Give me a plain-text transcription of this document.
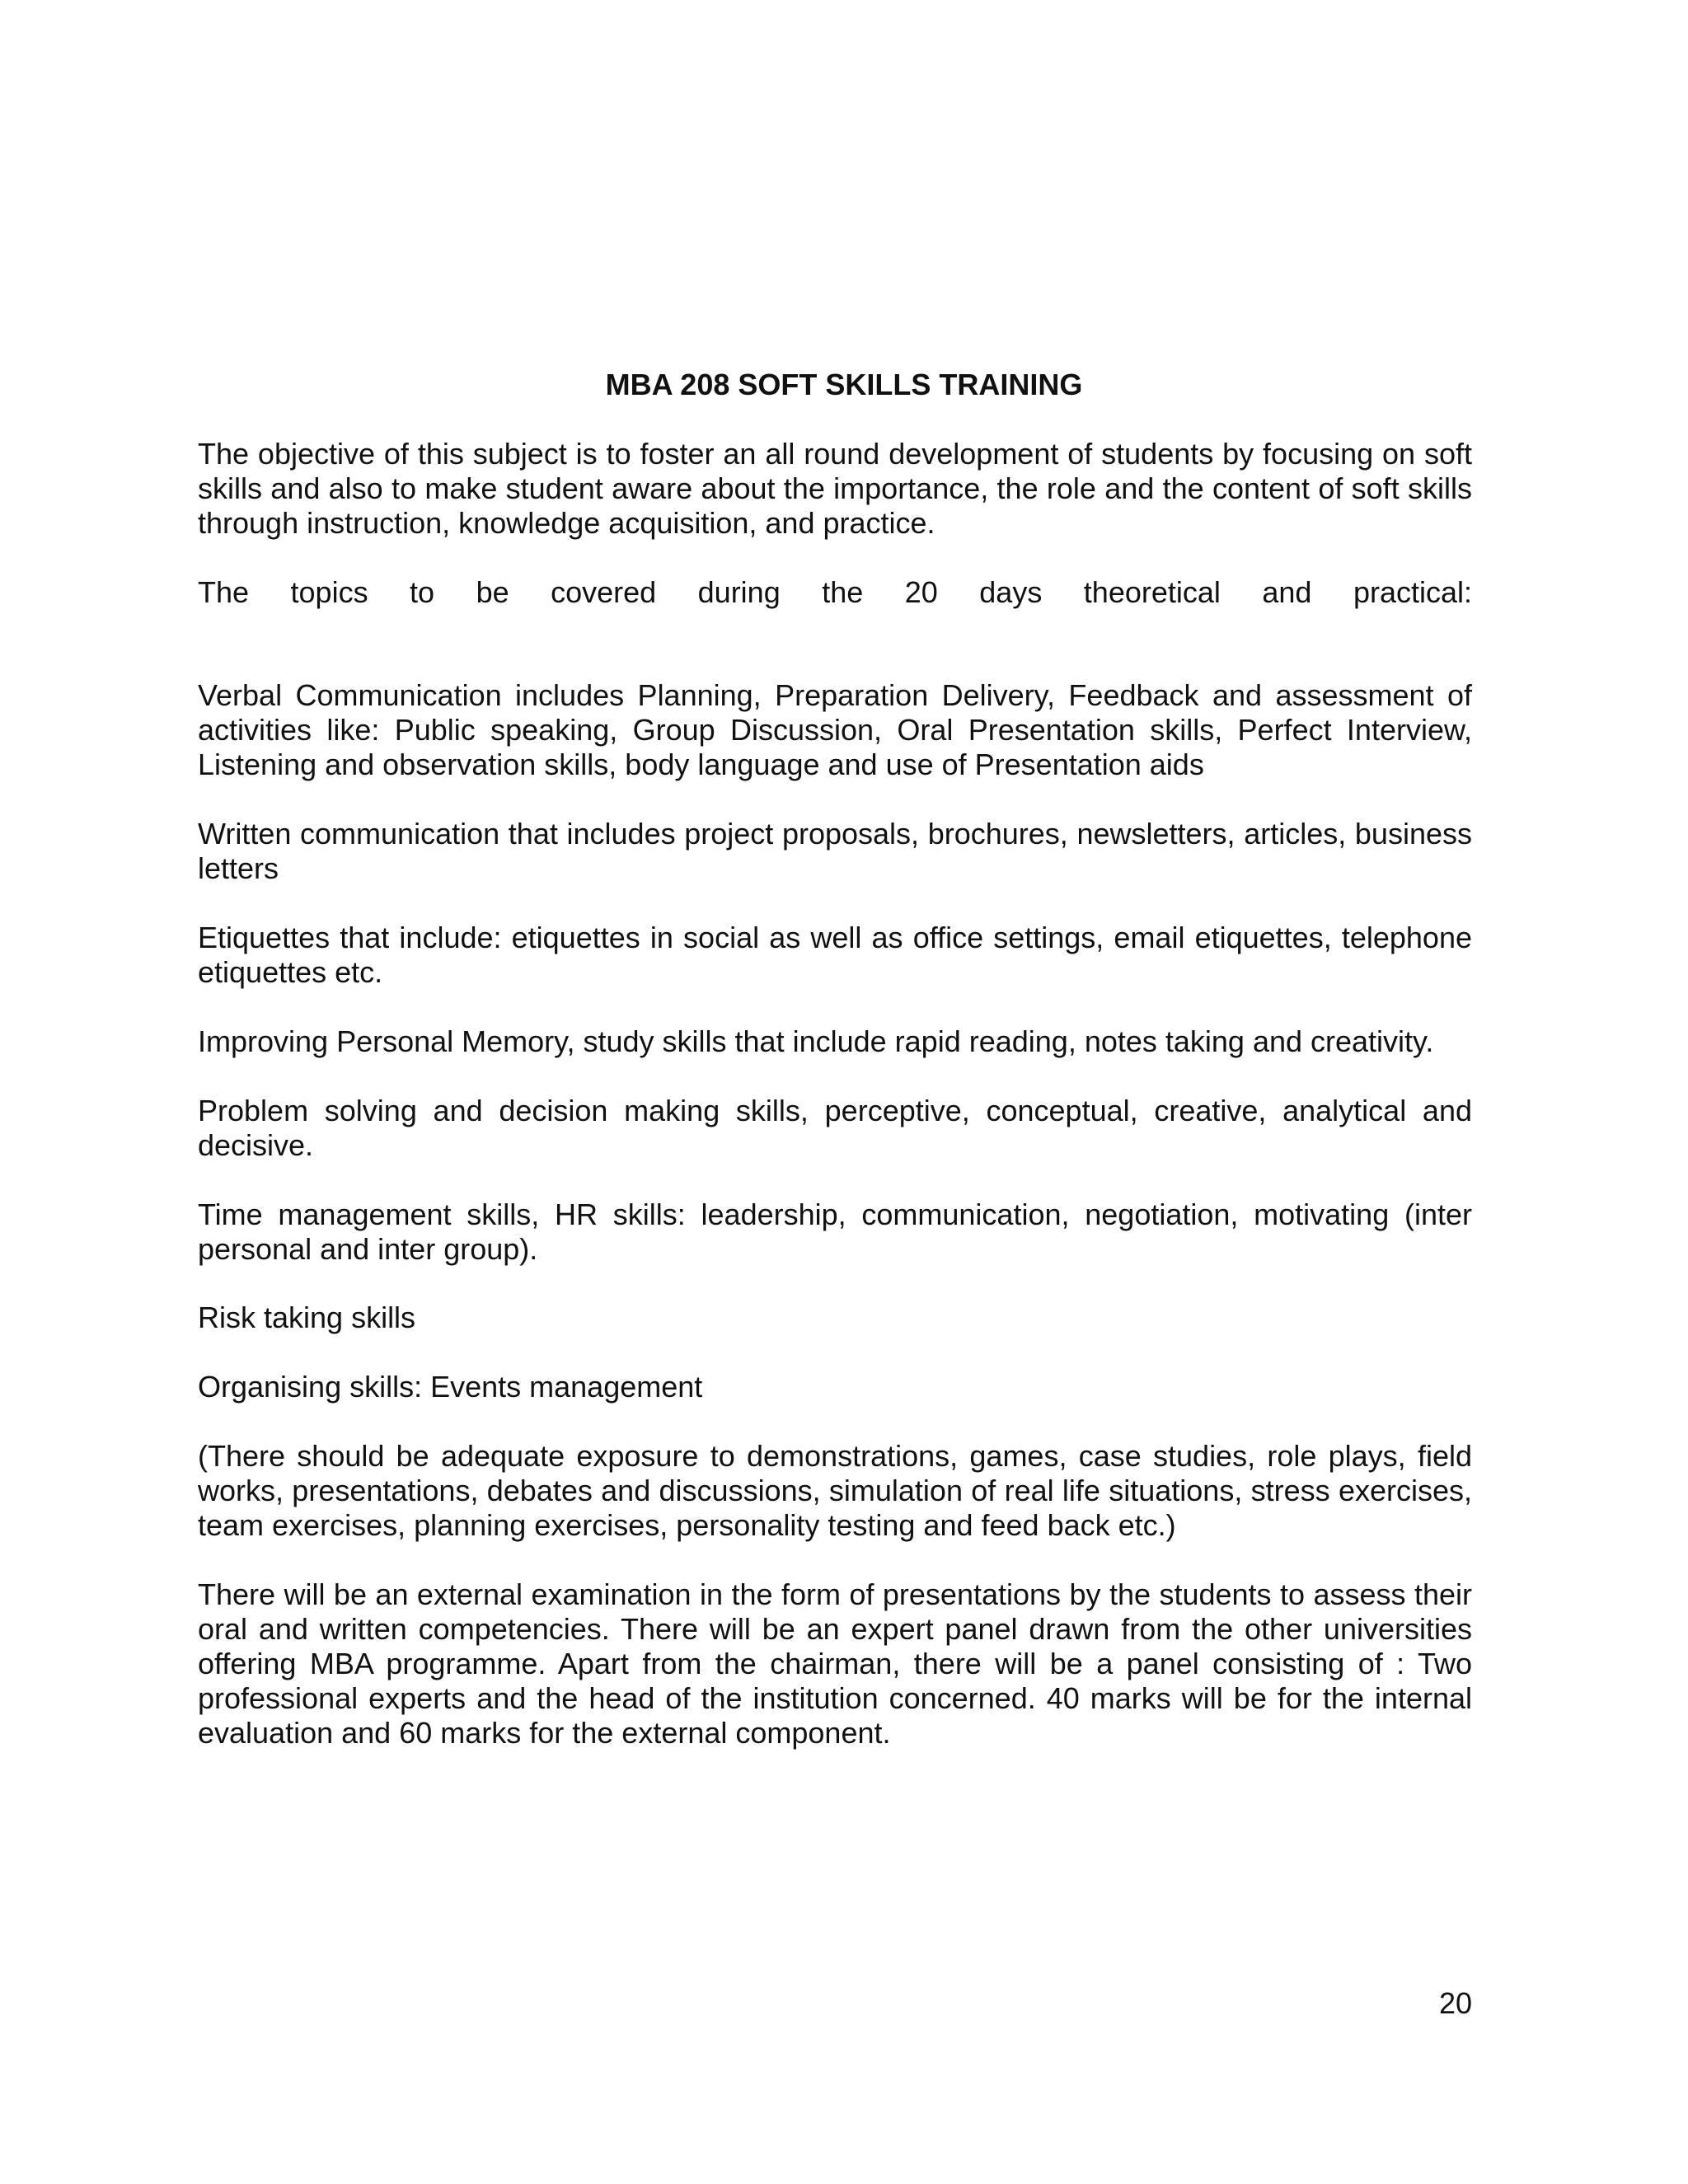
MBA 208 SOFT SKILLS TRAINING

The objective of this subject is to foster an all round development of students by focusing on soft skills and also to make student aware about the importance, the role and the content of soft skills through instruction, knowledge acquisition, and practice.

The topics to be covered during the 20 days theoretical and practical:

Verbal Communication includes Planning, Preparation Delivery, Feedback and assessment of activities like: Public speaking, Group Discussion, Oral Presentation skills, Perfect Interview, Listening and observation skills, body language and use of Presentation aids

Written communication that includes project proposals, brochures, newsletters, articles, business letters

Etiquettes that include: etiquettes in social as well as office settings, email etiquettes, telephone etiquettes etc.

Improving Personal Memory, study skills that include rapid reading, notes taking and creativity.

Problem solving and decision making skills, perceptive, conceptual, creative, analytical and decisive.

Time management skills, HR skills: leadership, communication, negotiation, motivating (inter personal and inter group).

Risk taking skills

Organising skills: Events management

(There should be adequate exposure to demonstrations, games, case studies, role plays, field works, presentations, debates and discussions, simulation of real life situations, stress exercises, team exercises, planning exercises, personality testing and feed back etc.)

There will be an external examination in the form of presentations by the students to assess their oral and written competencies. There will be an expert panel drawn from the other universities offering MBA programme. Apart from the chairman, there will be a panel consisting of : Two professional experts and the head of the institution concerned. 40 marks will be for the internal evaluation and 60 marks for the external component.

20
